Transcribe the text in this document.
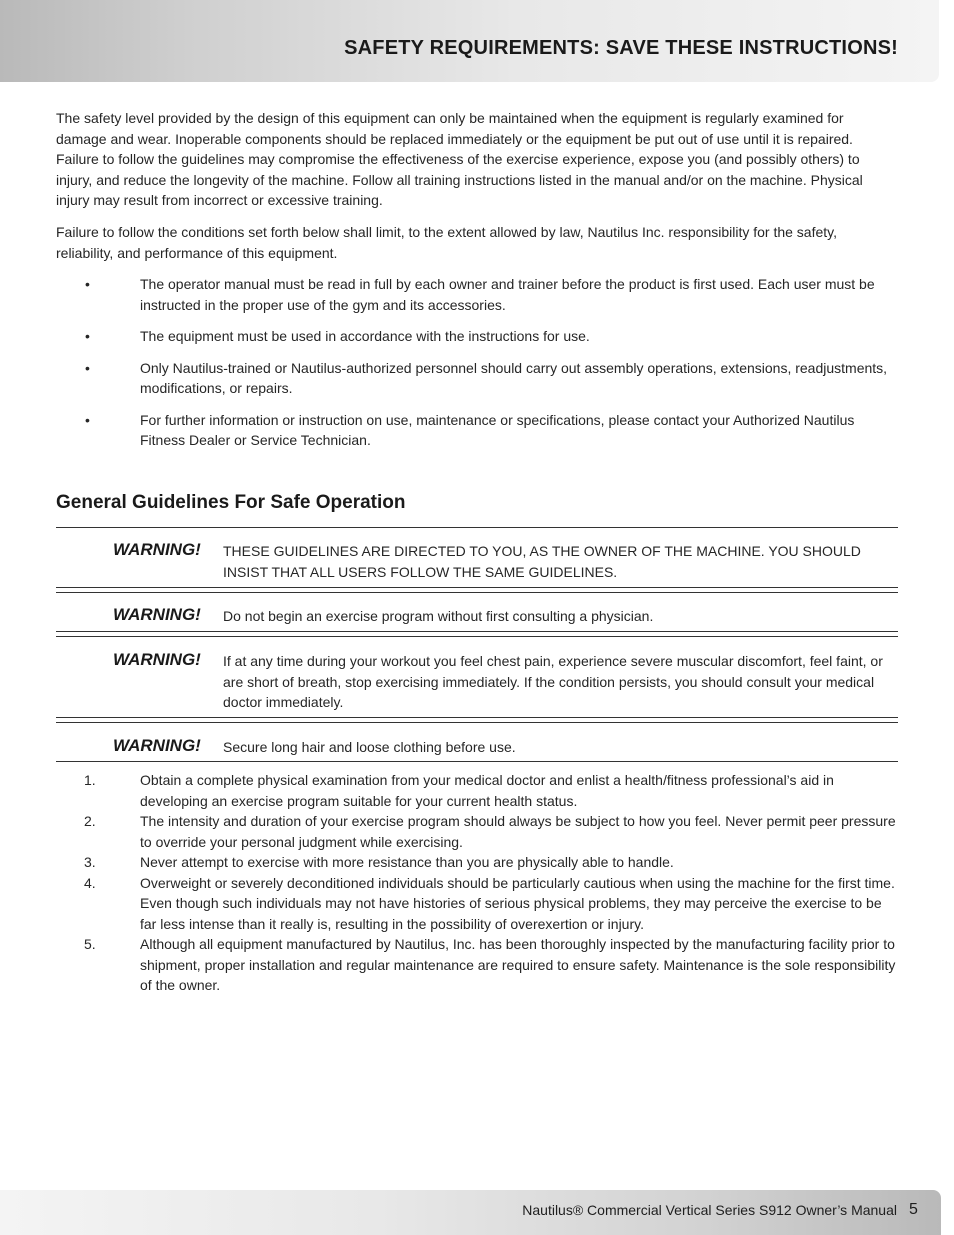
SAFETY REQUIREMENTS: SAVE THESE INSTRUCTIONS!

The safety level provided by the design of this equipment can only be maintained when the equipment is regularly examined for damage and wear. Inoperable components should be replaced immediately or the equipment be put out of use until it is repaired. Failure to follow the guidelines may compromise the effectiveness of the exercise experience, expose you (and possibly others) to injury, and reduce the longevity of the machine. Follow all training instructions listed in the manual and/or on the machine. Physical injury may result from incorrect or excessive training.

Failure to follow the conditions set forth below shall limit, to the extent allowed by law, Nautilus Inc. responsibility for the safety, reliability, and performance of this equipment.

•	The operator manual must be read in full by each owner and trainer before the product is first used. Each user must be instructed in the proper use of the gym and its accessories.
•	The equipment must be used in accordance with the instructions for use.
•	Only Nautilus-trained or Nautilus-authorized personnel should carry out assembly operations, extensions, readjustments, modifications, or repairs.
•	For further information or instruction on use, maintenance or specifications, please contact your Authorized Nautilus Fitness Dealer or Service Technician.
General Guidelines For Safe Operation
WARNING! THESE GUIDELINES ARE DIRECTED TO YOU, AS THE OWNER OF THE MACHINE. YOU SHOULD INSIST THAT ALL USERS FOLLOW THE SAME GUIDELINES.
WARNING! Do not begin an exercise program without first consulting a physician.
WARNING! If at any time during your workout you feel chest pain, experience severe muscular discomfort, feel faint, or are short of breath, stop exercising immediately. If the condition persists, you should consult your medical doctor immediately.
WARNING! Secure long hair and loose clothing before use.
1.	Obtain a complete physical examination from your medical doctor and enlist a health/fitness professional’s aid in developing an exercise program suitable for your current health status.
2.	The intensity and duration of your exercise program should always be subject to how you feel. Never permit peer pressure to override your personal judgment while exercising.
3.	Never attempt to exercise with more resistance than you are physically able to handle.
4.	Overweight or severely deconditioned individuals should be particularly cautious when using the machine for the first time. Even though such individuals may not have histories of serious physical problems, they may perceive the exercise to be far less intense than it really is, resulting in the possibility of overexertion or injury.
5.	Although all equipment manufactured by Nautilus, Inc. has been thoroughly inspected by the manufacturing facility prior to shipment, proper installation and regular maintenance are required to ensure safety. Maintenance is the sole responsibility of the owner.
Nautilus® Commercial Vertical Series S912 Owner’s Manual 5
